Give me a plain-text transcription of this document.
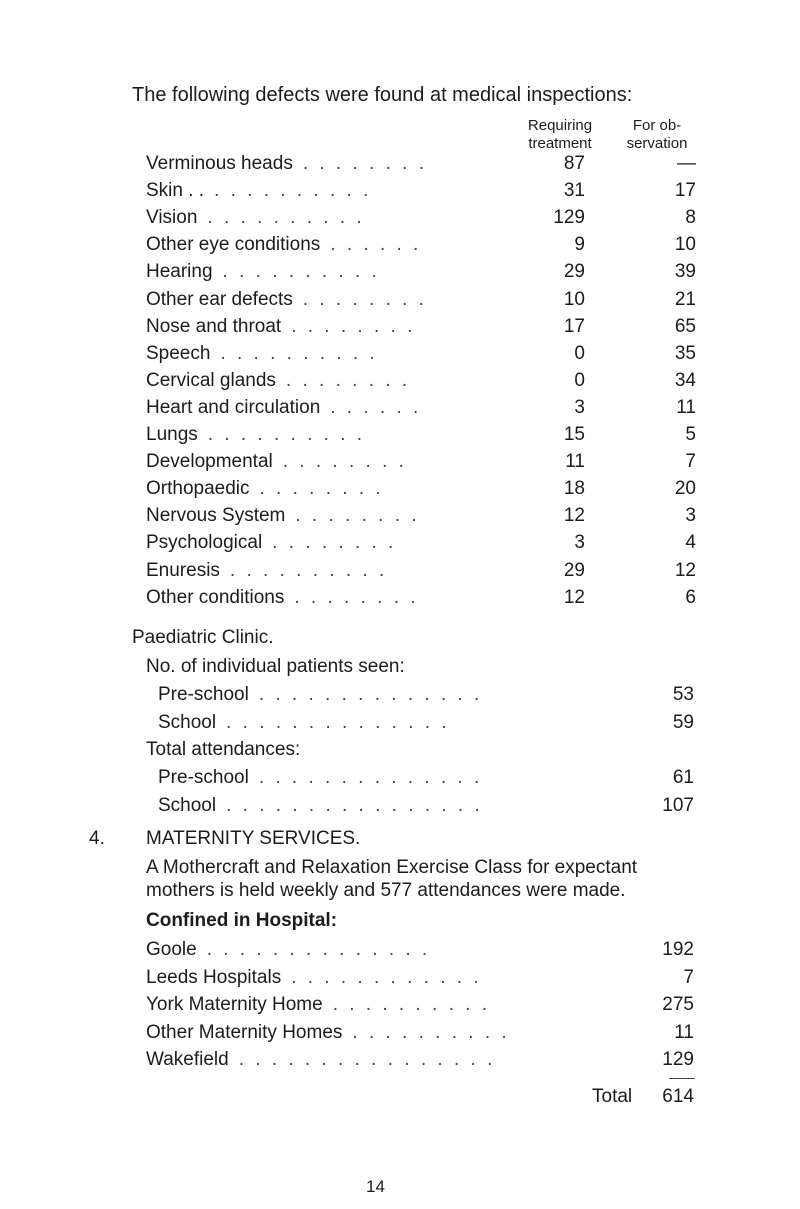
The following defects were found at medical inspections:
Requiring
treatment
For ob-
servation
Verminous heads . . . . . . . .	87	—
Skin . . . . . . . . . . . .	31	17
Vision . . . . . . . . . .	129	8
Other eye conditions . . . . . .	9	10
Hearing . . . . . . . . . .	29	39
Other ear defects . . . . . . . .	10	21
Nose and throat . . . . . . . .	17	65
Speech . . . . . . . . . .	0	35
Cervical glands . . . . . . . .	0	34
Heart and circulation . . . . . .	3	11
Lungs . . . . . . . . . .	15	5
Developmental . . . . . . . .	11	7
Orthopaedic . . . . . . . .	18	20
Nervous System . . . . . . . .	12	3
Psychological . . . . . . . .	3	4
Enuresis . . . . . . . . . .	29	12
Other conditions . . . . . . . .	12	6
Paediatric Clinic.
No. of individual patients seen:
Pre-school . . . . . . . . . . . . . .	53
School . . . . . . . . . . . . . .	59
Total attendances:
Pre-school . . . . . . . . . . . . . .	61
School . . . . . . . . . . . . . . . .	107
4. MATERNITY SERVICES.
A Mothercraft and Relaxation Exercise Class for expectant mothers is held weekly and 577 attendances were made.
Confined in Hospital:
Goole . . . . . . . . . . . . . .	192
Leeds Hospitals . . . . . . . . . . . .	7
York Maternity Home . . . . . . . . . .	275
Other Maternity Homes . . . . . . . . . .	11
Wakefield . . . . . . . . . . . . . . . .	129
Total 614
14
